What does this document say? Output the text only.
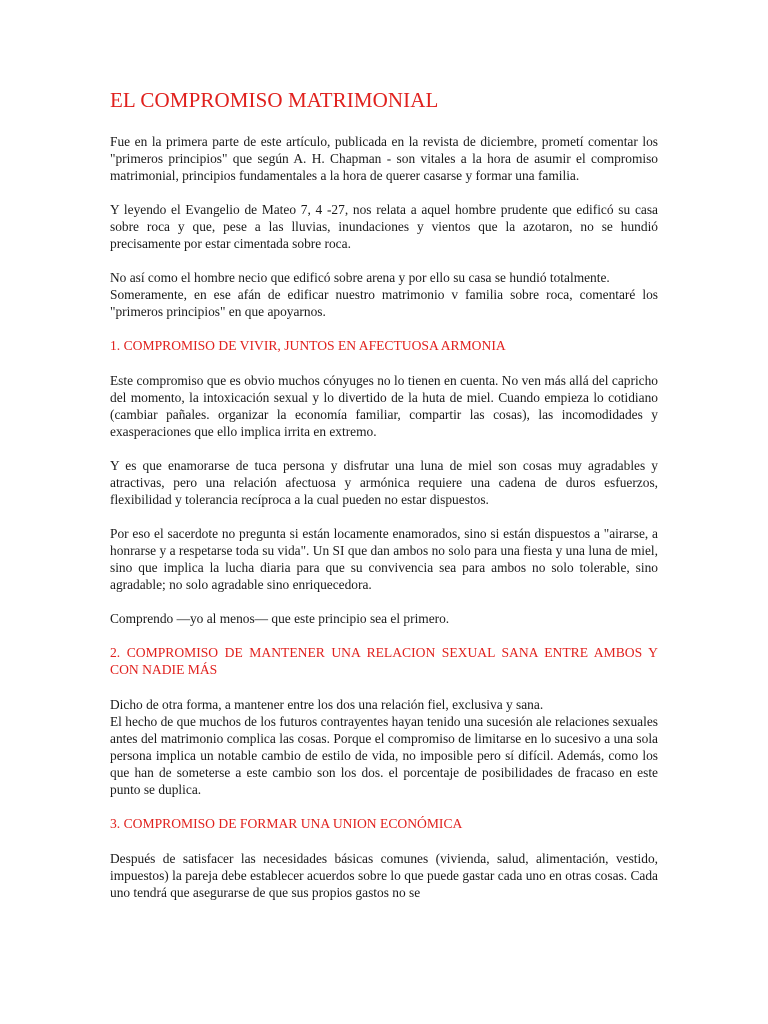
EL COMPROMISO MATRIMONIAL

Fue en la primera parte de este artículo, publicada en la revista de diciembre, prometí comentar los "primeros principios" que según A. H. Chapman - son vitales a la hora de asumir el compromiso matrimonial, principios fundamentales a la hora de querer casarse y formar una familia.

Y leyendo el Evangelio de Mateo 7, 4 -27, nos relata a aquel hombre prudente que edificó su casa sobre roca y que, pese a las lluvias, inundaciones y vientos que la azotaron, no se hundió precisamente por estar cimentada sobre roca.

No así como el hombre necio que edificó sobre arena y por ello su casa se hundió totalmente.

Someramente, en ese afán de edificar nuestro matrimonio v familia sobre roca, comentaré los "primeros principios" en que apoyarnos.

1. COMPROMISO DE VIVIR, JUNTOS EN AFECTUOSA ARMONIA

Este compromiso que es obvio muchos cónyuges no lo tienen en cuenta. No ven más allá del capricho del momento, la intoxicación sexual y lo divertido de la huta de miel. Cuando empieza lo cotidiano (cambiar pañales. organizar la economía familiar, compartir las cosas), las incomodidades y exasperaciones que ello implica irrita en extremo.

Y es que enamorarse de tuca persona y disfrutar una luna de miel son cosas muy agradables y atractivas, pero una relación afectuosa y armónica requiere una cadena de duros esfuerzos, flexibilidad y tolerancia recíproca a la cual pueden no estar dispuestos.

Por eso el sacerdote no pregunta si están locamente enamorados, sino si están dispuestos a "airarse, a honrarse y a respetarse toda su vida". Un SI que dan ambos no solo para una fiesta y una luna de miel, sino que implica la lucha diaria para que su convivencia sea para ambos no solo tolerable, sino agradable; no solo agradable sino enriquecedora.

Comprendo —yo al menos— que este principio sea el primero.

2. COMPROMISO DE MANTENER UNA RELACION SEXUAL SANA ENTRE AMBOS Y CON NADIE MÁS

Dicho de otra forma, a mantener entre los dos una relación fiel, exclusiva y sana.

El hecho de que muchos de los futuros contrayentes hayan tenido una sucesión ale relaciones sexuales antes del matrimonio complica las cosas. Porque el compromiso de limitarse en lo sucesivo a una sola persona implica un notable cambio de estilo de vida, no imposible pero sí difícil. Además, como los que han de someterse a este cambio son los dos. el porcentaje de posibilidades de fracaso en este punto se duplica.

3. COMPROMISO DE FORMAR UNA UNION ECONÓMICA

Después de satisfacer las necesidades básicas comunes (vivienda, salud, alimentación, vestido, impuestos) la pareja debe establecer acuerdos sobre lo que puede gastar cada uno en otras cosas. Cada uno tendrá que asegurarse de que sus propios gastos no se
